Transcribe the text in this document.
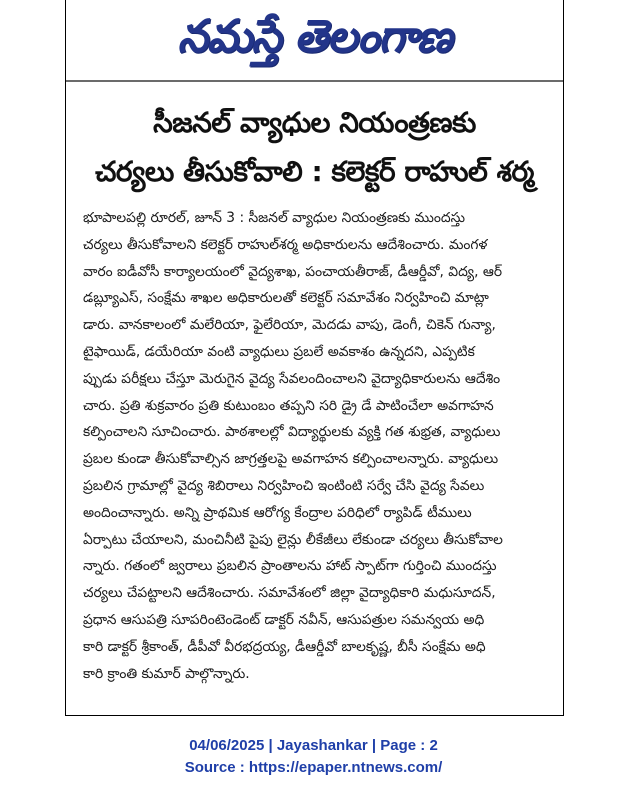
నమస్తే తెలంగాణ
సీజనల్ వ్యాధుల నియంత్రణకు
చర్యలు తీసుకోవాలి : కలెక్టర్ రాహుల్ శర్మ
భూపాలపల్లి రూరల్, జూన్ 3 : సీజనల్ వ్యాధుల నియంత్రణకు ముందస్తు
చర్యలు తీసుకోవాలని కలెక్టర్ రాహుల్‌శర్మ అధికారులను ఆదేశించారు. మంగళ
వారం ఐడీవోసీ కార్యాలయంలో వైద్యశాఖ, పంచాయతీరాజ్, డీఆర్డీవో, విద్య, ఆర్
డబ్ల్యూఎస్, సంక్షేమ శాఖల అధికారులతో కలెక్టర్ సమావేశం నిర్వహించి మాట్లా
డారు. వానకాలంలో మలేరియా, ఫైలేరియా, మెదడు వాపు, డెంగీ, చికెన్ గున్యా,
టైఫాయిడ్, డయేరియా వంటి వ్యాధులు ప్రబలే అవకాశం ఉన్నదని, ఎప్పటిక
ప్పుడు పరీక్షలు చేస్తూ మెరుగైన వైద్య సేవలందించాలని వైద్యాధికారులను ఆదేశిం
చారు. ప్రతి శుక్రవారం ప్రతి కుటుంబం తప్పని సరి డ్రై డే పాటించేలా అవగాహన
కల్పించాలని సూచించారు. పాఠశాలల్లో విద్యార్థులకు వ్యక్తి గత శుభ్రత, వ్యాధులు
ప్రబల కుండా తీసుకోవాల్సిన జాగ్రత్తలపై అవగాహన కల్పించాలన్నారు. వ్యాధులు
ప్రబలిన గ్రామాల్లో వైద్య శిబిరాలు నిర్వహించి ఇంటింటి సర్వే చేసి వైద్య సేవలు
అందించాన్నారు. అన్ని ప్రాథమిక ఆరోగ్య కేంద్రాల పరిధిలో ర్యాపిడ్ టీములు
ఏర్పాటు చేయాలని, మంచినీటి పైపు లైన్లు లీకేజీలు లేకుండా చర్యలు తీసుకోవాల
న్నారు. గతంలో జ్వరాలు ప్రబలిన ప్రాంతాలను హాట్ స్పాట్‌గా గుర్తించి ముందస్తు
చర్యలు చేపట్టాలని ఆదేశించారు. సమావేశంలో జిల్లా వైద్యాధికారి మధుసూదన్,
ప్రధాన ఆసుపత్రి సూపరింటెండెంట్ డాక్టర్ నవీన్, ఆసుపత్రుల సమన్వయ అధి
కారి డాక్టర్ శ్రీకాంత్, డీపీవో వీరభద్రయ్య, డీఆర్డీవో బాలకృష్ణ, బీసీ సంక్షేమ అధి
కారి క్రాంతి కుమార్ పాల్గొన్నారు.
04/06/2025 | Jayashankar | Page : 2
Source : https://epaper.ntnews.com/
